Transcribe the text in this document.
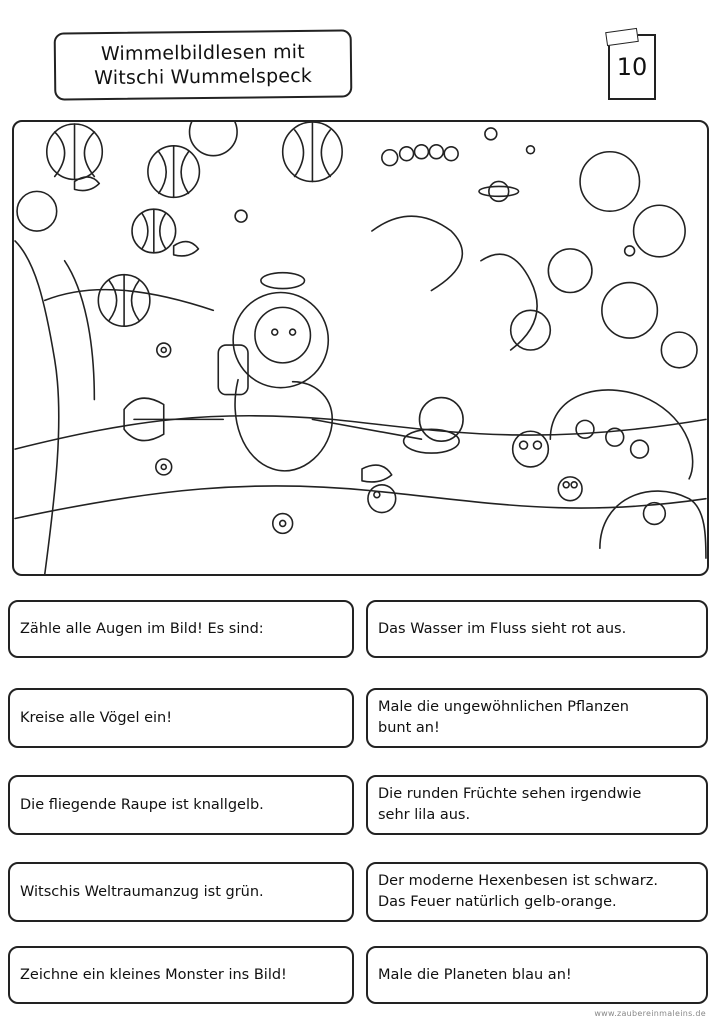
Wimmelbildlesen mit
Witschi Wummelspeck	10
Zähle alle Augen im Bild! Es sind:	Das Wasser im Fluss sieht rot aus.
Kreise alle Vögel ein!
Male die ungewöhnlichen Pflanzen
bunt an!
Die fliegende Raupe ist knallgelb.
Die runden Früchte sehen irgendwie
sehr lila aus.
Witschis Weltraumanzug ist grün.
Der moderne Hexenbesen ist schwarz.
Das Feuer natürlich gelb-orange.
Zeichne ein kleines Monster ins Bild!	Male die Planeten blau an!
www.zaubereinmaleins.de
